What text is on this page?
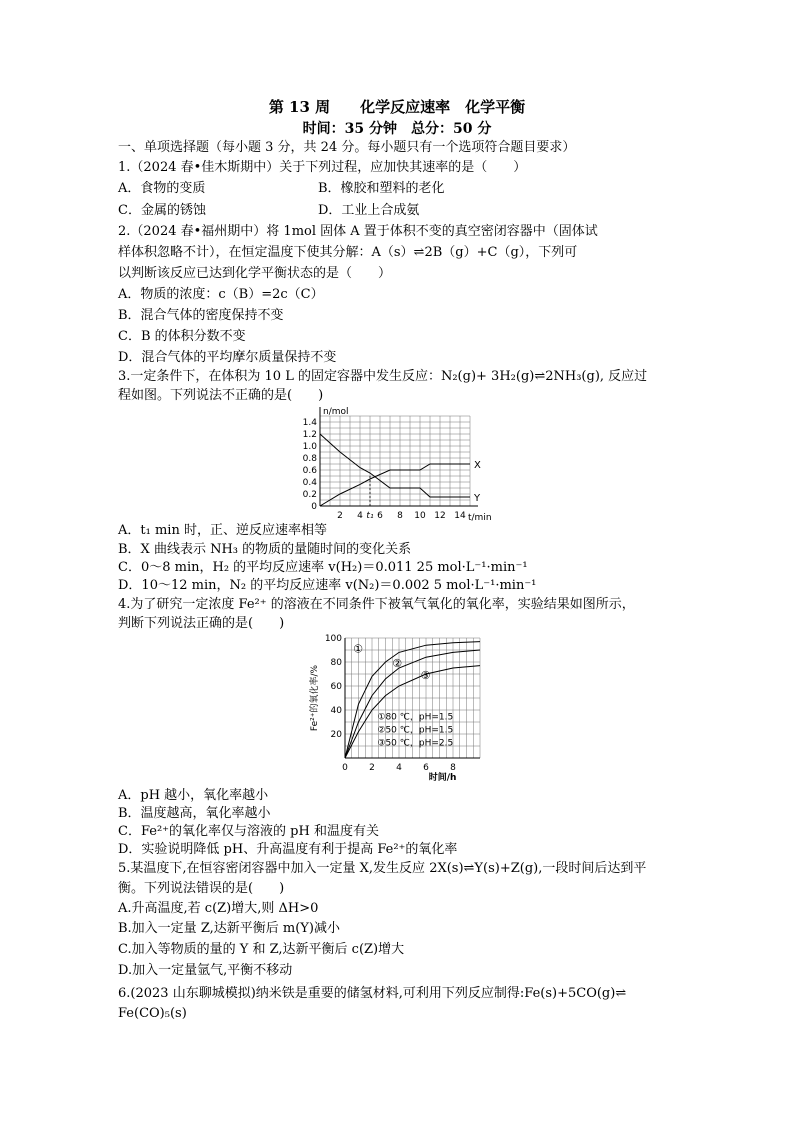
第 13 周　　化学反应速率　化学平衡
时间：35 分钟　总分：50 分
一、单项选择题（每小题 3 分，共 24 分。每小题只有一个选项符合题目要求）
1.（2024 春•佳木斯期中）关于下列过程，应加快其速率的是（　　）
A．食物的变质	B．橡胶和塑料的老化
C．金属的锈蚀	D．工业上合成氨
2.（2024 春•福州期中）将 1mol 固体 A 置于体积不变的真空密闭容器中（固体试
样体积忽略不计），在恒定温度下使其分解：A（s）⇌2B（g）+C（g），下列可
以判断该反应已达到化学平衡状态的是（　　）
A．物质的浓度：c（B）=2c（C）
B．混合气体的密度保持不变
C．B 的体积分数不变
D．混合气体的平均摩尔质量保持不变
3.一定条件下，在体积为 10 L 的固定容器中发生反应：N₂(g)+ 3H₂(g)⇌2NH₃(g), 反应过
程如图。下列说法不正确的是(　　)
n/mol
t/min
1.4
1.2
1.0
0.8
0.6
0.4
0.2
0
2 4 t₁ 6 8 10 12 14
X
Y
A．t₁ min 时，正、逆反应速率相等
B．X 曲线表示 NH₃ 的物质的量随时间的变化关系
C．0～8 min，H₂ 的平均反应速率 v(H₂)＝0.011 25 mol·L⁻¹·min⁻¹
D．10～12 min，N₂ 的平均反应速率 v(N₂)＝0.002 5 mol·L⁻¹·min⁻¹
4.为了研究一定浓度 Fe²⁺ 的溶液在不同条件下被氧气氧化的氧化率，实验结果如图所示，
判断下列说法正确的是(　　)
100
80
60
40
20
0 2 4 6 8
时间/h
Fe²⁺的氧化率/%
①
②
③
①80 ℃，pH=1.5
②50 ℃，pH=1.5
③50 ℃，pH=2.5
A．pH 越小，氧化率越小
B．温度越高，氧化率越小
C．Fe²⁺的氧化率仅与溶液的 pH 和温度有关
D．实验说明降低 pH、升高温度有利于提高 Fe²⁺的氧化率
5.某温度下,在恒容密闭容器中加入一定量 X,发生反应 2X(s)⇌Y(s)+Z(g),一段时间后达到平
衡。下列说法错误的是(　　)
A.升高温度,若 c(Z)增大,则 ΔH>0
B.加入一定量 Z,达新平衡后 m(Y)减小
C.加入等物质的量的 Y 和 Z,达新平衡后 c(Z)增大
D.加入一定量氩气,平衡不移动
6.(2023 山东聊城模拟)纳米铁是重要的储氢材料,可利用下列反应制得:Fe(s)+5CO(g)⇌
Fe(CO)₅(s)
